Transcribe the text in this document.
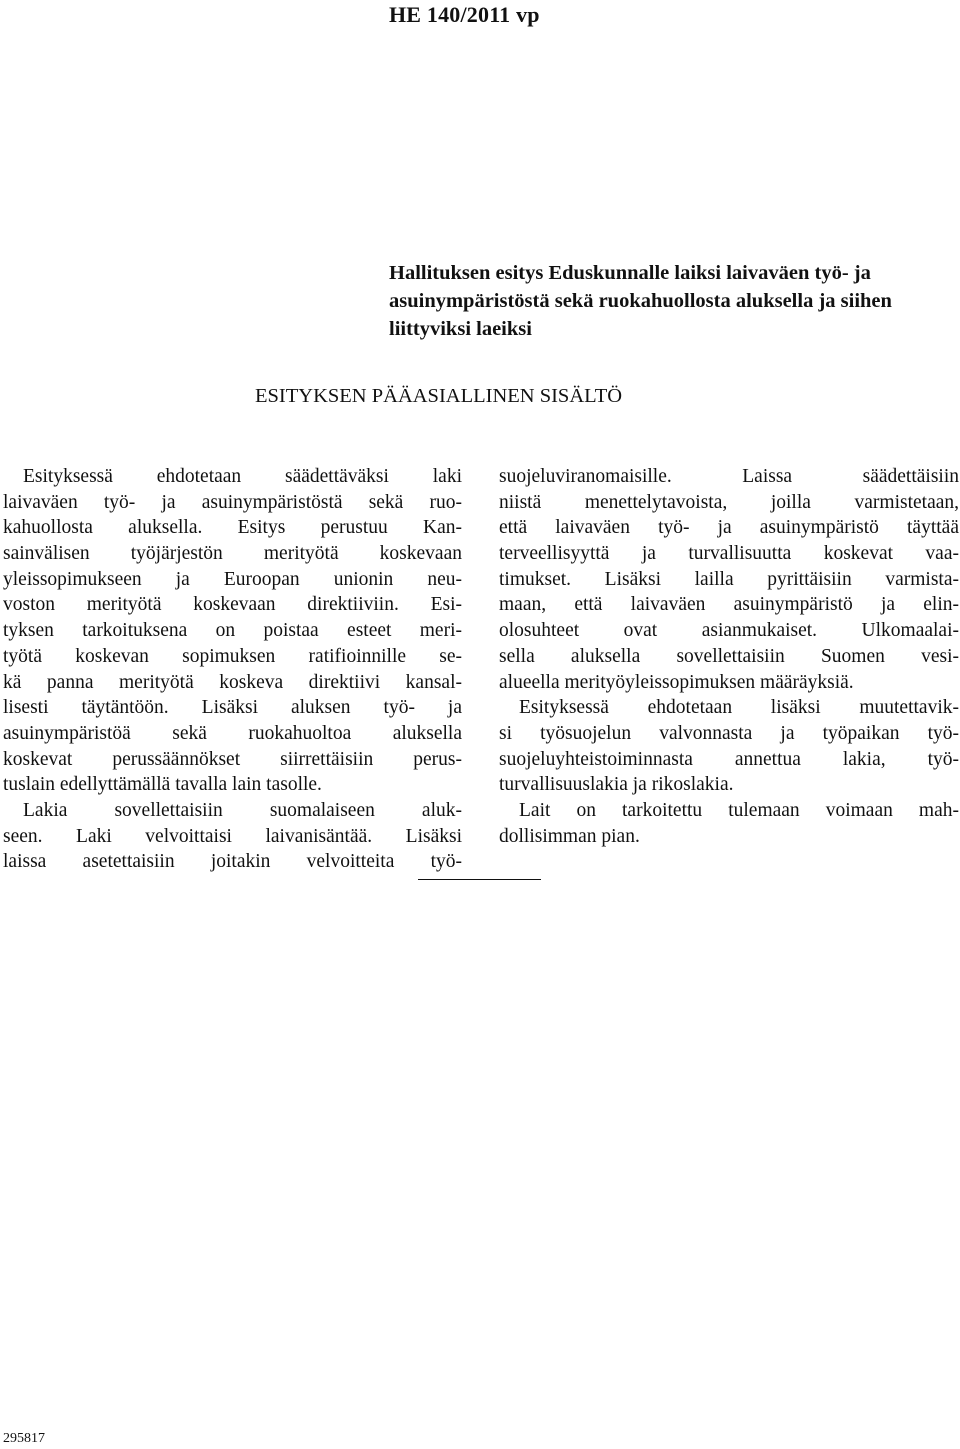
HE 140/2011 vp
Hallituksen esitys Eduskunnalle laiksi laivaväen työ- ja
asuinympäristöstä sekä ruokahuollosta aluksella ja siihen
liittyviksi laeiksi
ESITYKSEN PÄÄASIALLINEN SISÄLTÖ
Esityksessä ehdotetaan säädettäväksi laki
laivaväen työ- ja asuinympäristöstä sekä ruo-
kahuollosta aluksella. Esitys perustuu Kan-
sainvälisen työjärjestön merityötä koskevaan
yleissopimukseen ja Euroopan unionin neu-
voston merityötä koskevaan direktiiviin. Esi-
tyksen tarkoituksena on poistaa esteet meri-
työtä koskevan sopimuksen ratifioinnille se-
kä panna merityötä koskeva direktiivi kansal-
lisesti täytäntöön. Lisäksi aluksen työ- ja
asuinympäristöä sekä ruokahuoltoa aluksella
koskevat perussäännökset siirrettäisiin perus-
tuslain edellyttämällä tavalla lain tasolle.
Lakia sovellettaisiin suomalaiseen aluk-
seen. Laki velvoittaisi laivanisäntää. Lisäksi
laissa asetettaisiin joitakin velvoitteita työ-
suojeluviranomaisille. Laissa säädettäisiin
niistä menettelytavoista, joilla varmistetaan,
että laivaväen työ- ja asuinympäristö täyttää
terveellisyyttä ja turvallisuutta koskevat vaa-
timukset. Lisäksi lailla pyrittäisiin varmista-
maan, että laivaväen asuinympäristö ja elin-
olosuhteet ovat asianmukaiset. Ulkomaalai-
sella aluksella sovellettaisiin Suomen vesi-
alueella merityöyleissopimuksen määräyksiä.
Esityksessä ehdotetaan lisäksi muutettavik-
si työsuojelun valvonnasta ja työpaikan työ-
suojeluyhteistoiminnasta annettua lakia, työ-
turvallisuuslakia ja rikoslakia.
Lait on tarkoitettu tulemaan voimaan mah-
dollisimman pian.
295817
